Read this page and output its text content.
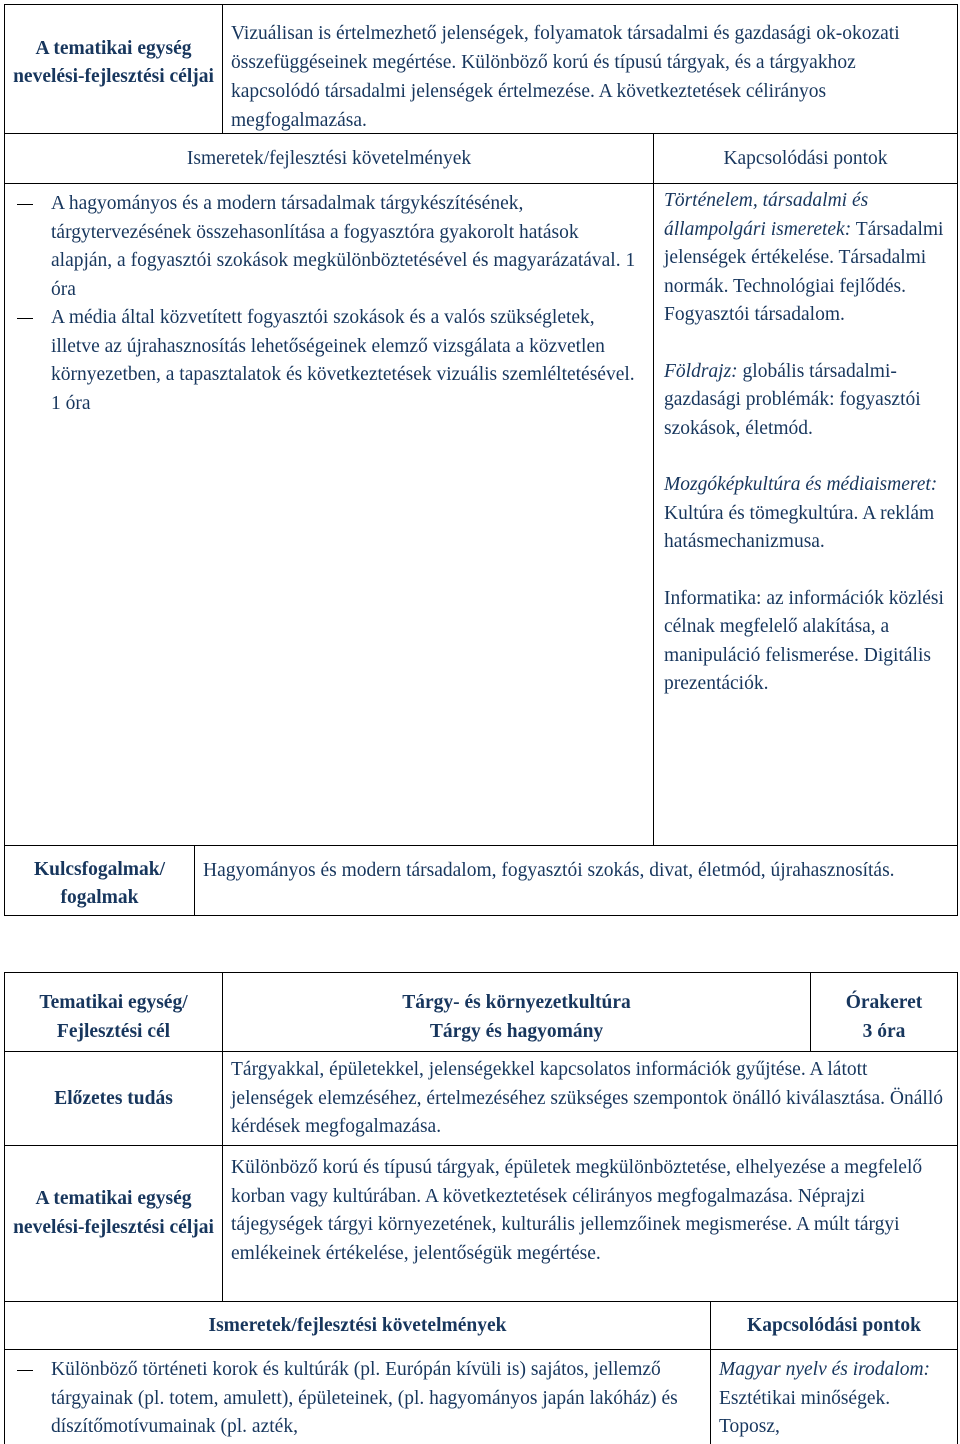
A tematikai egység nevelési-fejlesztési céljai
Vizuálisan is értelmezhető jelenségek, folyamatok társadalmi és gazdasági ok-okozati összefüggéseinek megértése. Különböző korú és típusú tárgyak, és a tárgyakhoz kapcsolódó társadalmi jelenségek értelmezése. A következtetések célirányos megfogalmazása.
Ismeretek/fejlesztési követelmények	Kapcsolódási pontok
A hagyományos és a modern társadalmak tárgykészítésének, tárgytervezésének összehasonlítása a fogyasztóra gyakorolt hatások alapján, a fogyasztói szokások megkülönböztetésével és magyarázatával. 1 óra
A média által közvetített fogyasztói szokások és a valós szükségletek, illetve az újrahasznosítás lehetőségeinek elemző vizsgálata a közvetlen környezetben, a tapasztalatok és következtetések vizuális szemléltetésével. 1 óra
Történelem, társadalmi és állampolgári ismeretek: Társadalmi jelenségek értékelése. Társadalmi normák. Technológiai fejlődés. Fogyasztói társadalom.
Földrajz: globális társadalmi-gazdasági problémák: fogyasztói szokások, életmód.
Mozgóképkultúra és médiaismeret: Kultúra és tömegkultúra. A reklám hatásmechanizmusa.
Informatika: az információk közlési célnak megfelelő alakítása, a manipuláció felismerése. Digitális prezentációk.
Kulcsfogalmak/ fogalmak
Hagyományos és modern társadalom, fogyasztói szokás, divat, életmód, újrahasznosítás.
Tematikai egység/ Fejlesztési cél
Tárgy- és környezetkultúra
Tárgy és hagyomány
Órakeret
3 óra
Előzetes tudás
Tárgyakkal, épületekkel, jelenségekkel kapcsolatos információk gyűjtése. A látott jelenségek elemzéséhez, értelmezéséhez szükséges szempontok önálló kiválasztása. Önálló kérdések megfogalmazása.
A tematikai egység nevelési-fejlesztési céljai
Különböző korú és típusú tárgyak, épületek megkülönböztetése, elhelyezése a megfelelő korban vagy kultúrában. A következtetések célirányos megfogalmazása. Néprajzi tájegységek tárgyi környezetének, kulturális jellemzőinek megismerése. A múlt tárgyi emlékeinek értékelése, jelentőségük megértése.
Ismeretek/fejlesztési követelmények	Kapcsolódási pontok
Különböző történeti korok és kultúrák (pl. Európán kívüli is) sajátos, jellemző tárgyainak (pl. totem, amulett), épületeinek, (pl. hagyományos japán lakóház) és díszítőmotívumainak (pl. azték,
Magyar nyelv és irodalom: Esztétikai minőségek. Toposz,
